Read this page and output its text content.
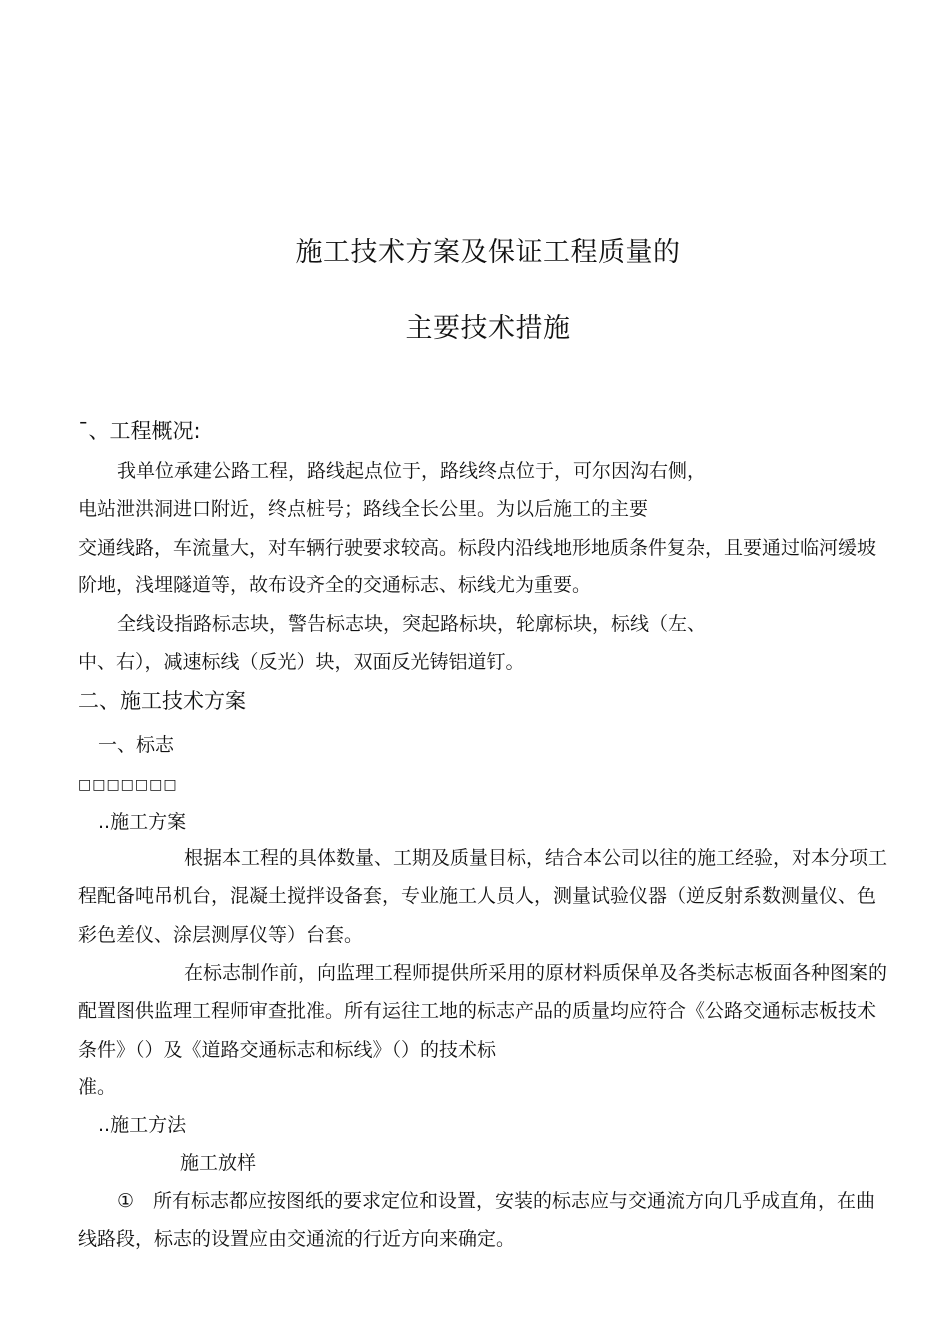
施工技术方案及保证工程质量的
主要技术措施
ˉ、工程概况:
我单位承建公路工程，路线起点位于，路线终点位于，可尔因沟右侧，
电站泄洪洞进口附近，终点桩号；路线全长公里。为以后施工的主要
交通线路，车流量大，对车辆行驶要求较高。标段内沿线地形地质条件复杂，且要通过临河缓坡
阶地，浅埋隧道等，故布设齐全的交通标志、标线尤为重要。
全线设指路标志块，警告标志块，突起路标块，轮廓标块，标线（左、
中、右），减速标线（反光）块，双面反光铸铝道钉。
二、施工技术方案
一、标志
□□□□□□□
..施工方案
根据本工程的具体数量、工期及质量目标，结合本公司以往的施工经验，对本分项工
程配备吨吊机台，混凝土搅拌设备套，专业施工人员人，测量试验仪器（逆反射系数测量仪、色
彩色差仪、涂层测厚仪等）台套。
在标志制作前，向监理工程师提供所采用的原材料质保单及各类标志板面各种图案的
配置图供监理工程师审查批准。所有运往工地的标志产品的质量均应符合《公路交通标志板技术
条件》（）及《道路交通标志和标线》（）的技术标
准。
..施工方法
施工放样
①　所有标志都应按图纸的要求定位和设置，安装的标志应与交通流方向几乎成直角，在曲
线路段，标志的设置应由交通流的行近方向来确定。
